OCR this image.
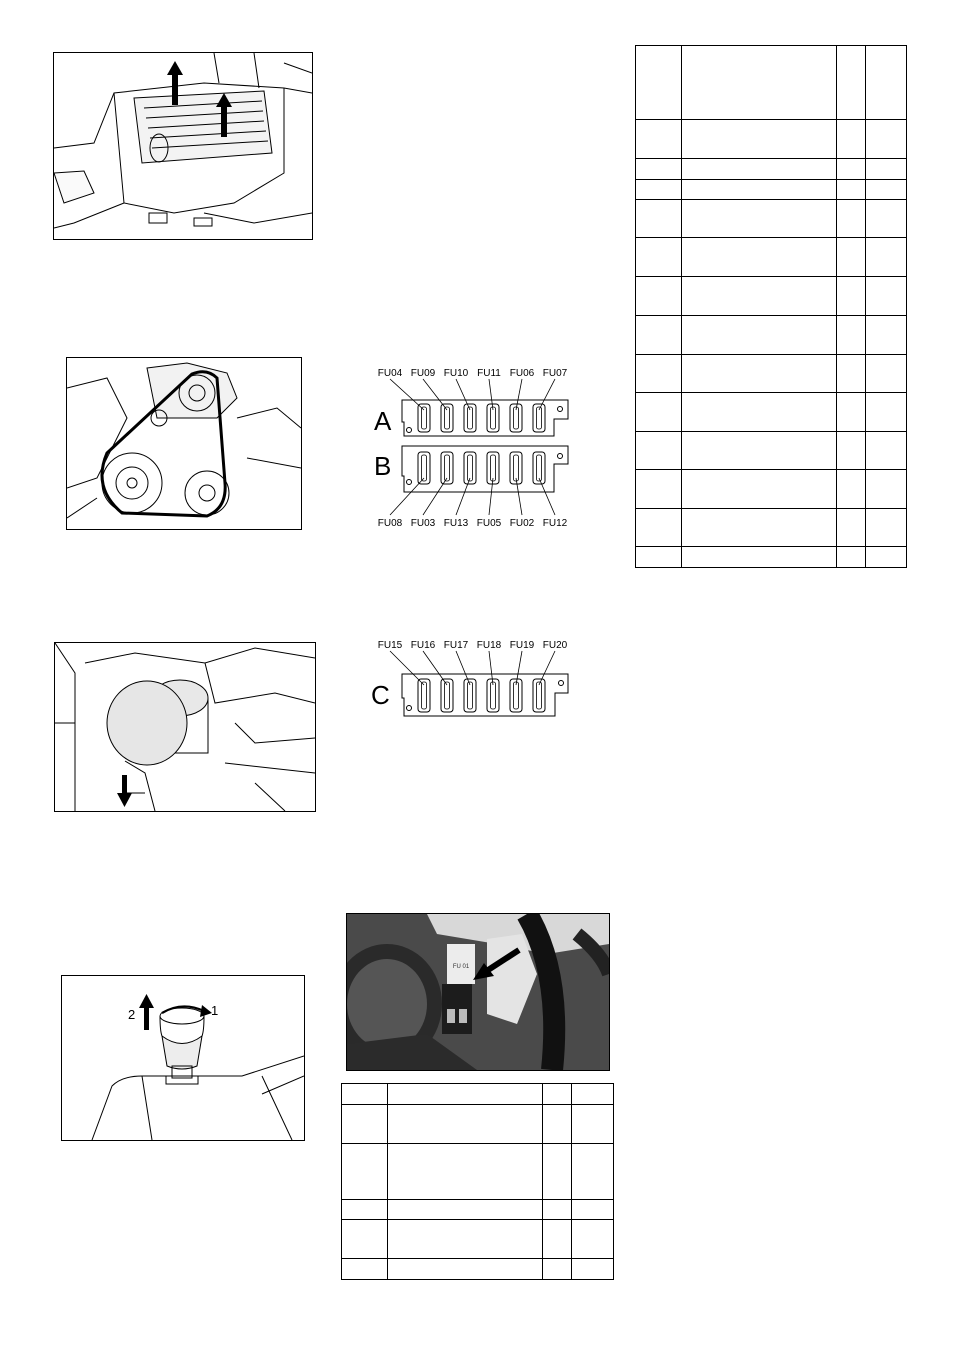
2	1
A
B
FU04 FU09 FU10 FU11 FU06 FU07
FU08 FU03 FU13 FU05 FU02 FU12
C
FU15 FU16 FU17 FU18 FU19 FU20
FU 01
